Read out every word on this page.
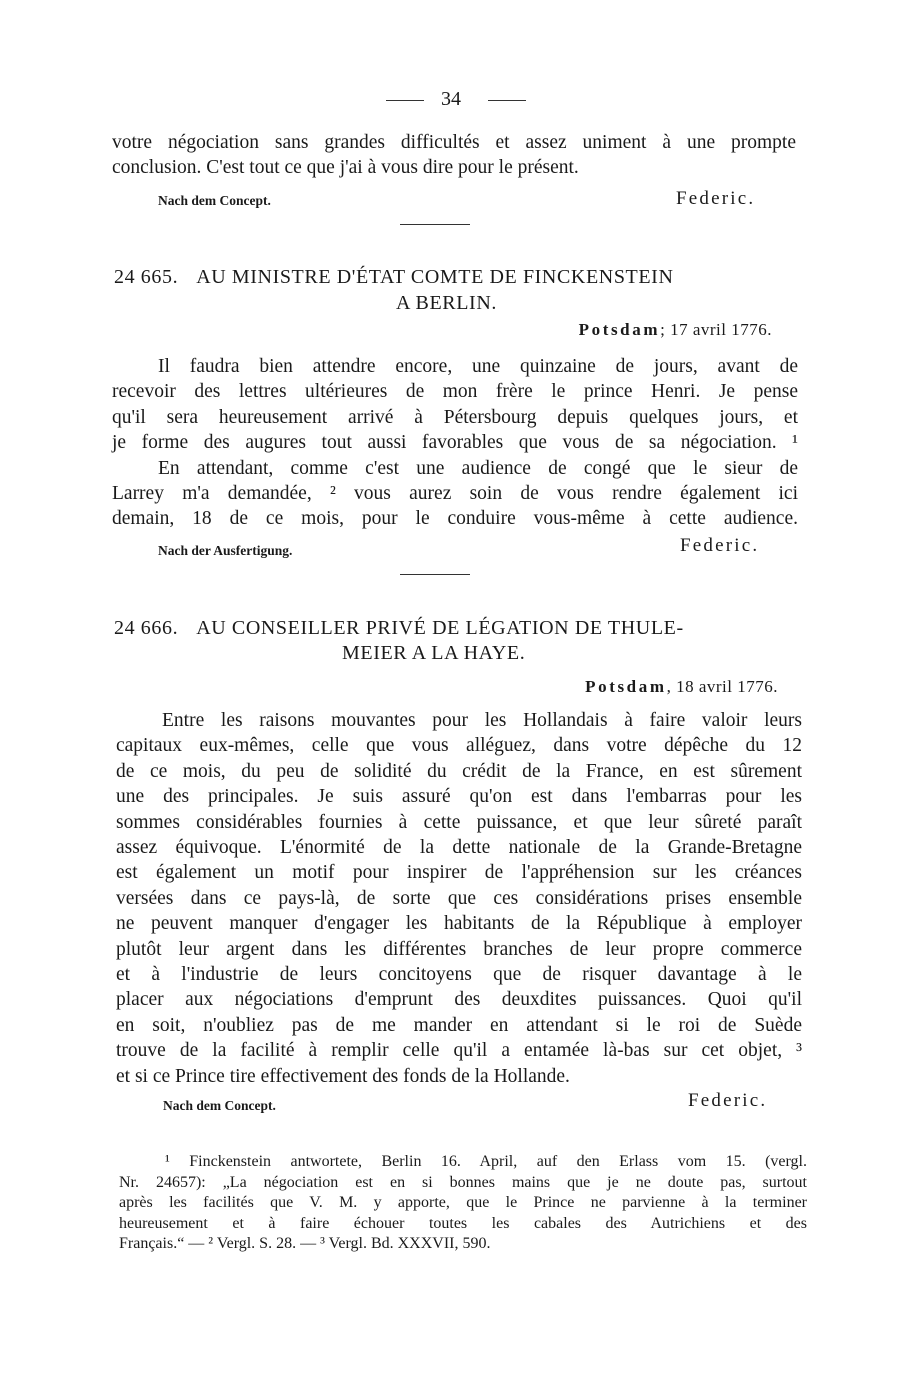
34
votre négociation sans grandes difficultés et assez uniment à une prompte
conclusion. C'est tout ce que j'ai à vous dire pour le présent.
Nach dem Concept.	Federic.
24 665. AU MINISTRE D'ÉTAT COMTE DE FINCKENSTEIN
A BERLIN.
Potsdam; 17 avril 1776.
Il faudra bien attendre encore, une quinzaine de jours, avant de
recevoir des lettres ultérieures de mon frère le prince Henri. Je pense
qu'il sera heureusement arrivé à Pétersbourg depuis quelques jours, et
je forme des augures tout aussi favorables que vous de sa négociation. ¹
En attendant, comme c'est une audience de congé que le sieur de
Larrey m'a demandée, ² vous aurez soin de vous rendre également ici
demain, 18 de ce mois, pour le conduire vous-même à cette audience.
Nach der Ausfertigung.	Federic.
24 666. AU CONSEILLER PRIVÉ DE LÉGATION DE THULE-
MEIER A LA HAYE.
Potsdam, 18 avril 1776.
Entre les raisons mouvantes pour les Hollandais à faire valoir leurs
capitaux eux-mêmes, celle que vous alléguez, dans votre dépêche du 12
de ce mois, du peu de solidité du crédit de la France, en est sûrement
une des principales. Je suis assuré qu'on est dans l'embarras pour les
sommes considérables fournies à cette puissance, et que leur sûreté paraît
assez équivoque. L'énormité de la dette nationale de la Grande-Bretagne
est également un motif pour inspirer de l'appréhension sur les créances
versées dans ce pays-là, de sorte que ces considérations prises ensemble
ne peuvent manquer d'engager les habitants de la République à employer
plutôt leur argent dans les différentes branches de leur propre commerce
et à l'industrie de leurs concitoyens que de risquer davantage à le
placer aux négociations d'emprunt des deuxdites puissances. Quoi qu'il
en soit, n'oubliez pas de me mander en attendant si le roi de Suède
trouve de la facilité à remplir celle qu'il a entamée là-bas sur cet objet, ³
et si ce Prince tire effectivement des fonds de la Hollande.
Nach dem Concept.	Federic.
¹ Finckenstein antwortete, Berlin 16. April, auf den Erlass vom 15. (vergl.
Nr. 24657): „La négociation est en si bonnes mains que je ne doute pas, surtout
après les facilités que V. M. y apporte, que le Prince ne parvienne à la terminer
heureusement et à faire échouer toutes les cabales des Autrichiens et des
Français.“ — ² Vergl. S. 28. — ³ Vergl. Bd. XXXVII, 590.
